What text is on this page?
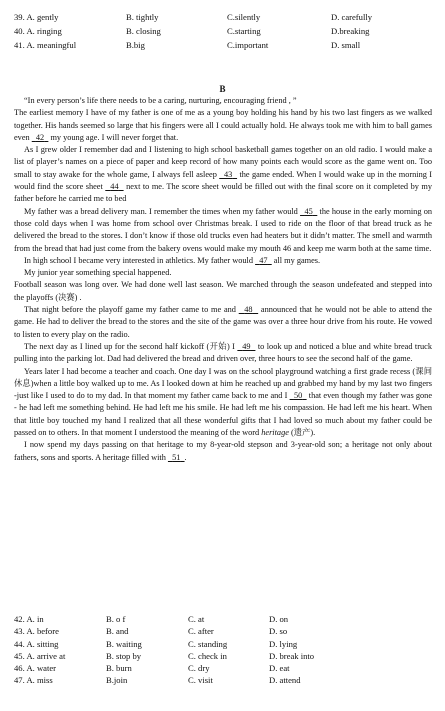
39. A. gently	B. tightly	C.silently	D. carefully
40. A. ringing	B. closing	C.starting	D.breaking
41. A. meaningful	B.big	C.important	D. small
B

“In every person’s life there needs to be a caring, nurturing, encouraging friend , ”

The earliest memory I have of my father is one of me as a young boy holding his hand by his two last fingers as we walked together. His hands seemed so large that his fingers were all I could actually hold. He always took me with him to ball games even 42 my young age. I will never forget that.

As I grew older I remember dad and I listening to high school basketball games together on an old radio. I would make a list of player’s names on a piece of paper and keep record of how many points each would score as the game went on. Too small to stay awake for the whole game, I always fell asleep 43 the game ended. When I would wake up in the morning I would find the score sheet 44 next to me. The score sheet would be filled out with the final score on it completed by my father before he carried me to bed

My father was a bread delivery man. I remember the times when my father would 45 the house in the early morning on those cold days when I was home from school over Christmas break. I used to ride on the floor of that bread truck as he delivered the bread to the stores. I don’t know if those old trucks even had heaters but it didn’t matter. The smell and warmth from the bread that had just come from the bakery ovens would make my mouth 46 and keep me warm both at the same time.

In high school I became very interested in athletics. My father would 47 all my games.

My junior year something special happened.

Football season was long over. We had done well last season. We marched through the season undefeated and stepped into the playoffs (决赛) .

That night before the playoff game my father came to me and 48 announced that he would not be able to attend the game. He had to deliver the bread to the stores and the site of the game was over a three hour drive from his route. He vowed to listen to every play on the radio.

The next day as I lined up for the second half kickoff (开始) I 49 to look up and noticed a blue and white bread truck pulling into the parking lot. Dad had delivered the bread and driven over, three hours to see the second half of the game.

Years later I had become a teacher and coach. One day I was on the school playground watching a first grade recess (课间休息)when a little boy walked up to me. As I looked down at him he reached up and grabbed my hand by my last two fingers -just like I used to do to my dad. In that moment my father came back to me and I 50 that even though my father was gone - he had left me something behind. He had left me his smile. He had left me his compassion. He had left me his heart. When that little boy touched my hand I realized that all these wonderful gifts that I had loved so much about my father could be passed on to others. In that moment I understood the meaning of the word heritage (遗产).

I now spend my days passing on that heritage to my 8-year-old stepson and 3-year-old son; a heritage not only about fathers, sons and sports. A heritage filled with 51 .

42. A. in	B. o f	C. at	D. on
43. A. before	B. and	C. after	D. so
44. A. sitting	B. waiting	C. standing	D. lying
45. A. arrive at	B. stop by	C. check in	D. break into
46. A. water	B. burn	C. dry	D. eat
47. A. miss	B.join	C. visit	D. attend
